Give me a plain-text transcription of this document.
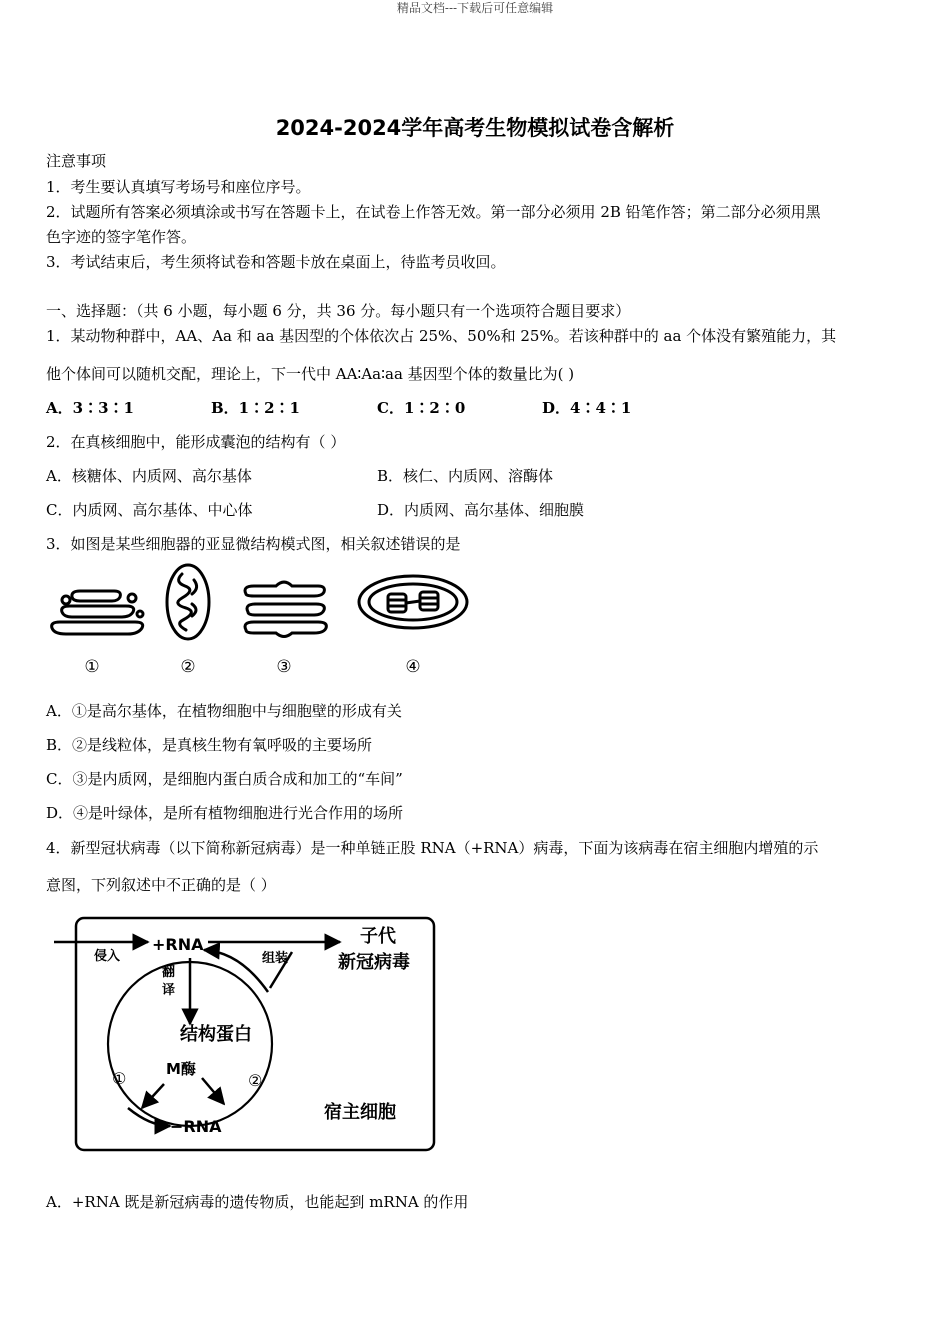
精品文档---下载后可任意编辑
2024-2024学年高考生物模拟试卷含解析
注意事项
1．考生要认真填写考场号和座位序号。
2．试题所有答案必须填涂或书写在答题卡上，在试卷上作答无效。第一部分必须用 2B 铅笔作答；第二部分必须用黑
色字迹的签字笔作答。
3．考试结束后，考生须将试卷和答题卡放在桌面上，待监考员收回。
一、选择题：（共 6 小题，每小题 6 分，共 36 分。每小题只有一个选项符合题目要求）
1．某动物种群中，AA、Aa 和 aa 基因型的个体依次占 25%、50%和 25%。若该种群中的 aa 个体没有繁殖能力，其
他个体间可以随机交配，理论上，下一代中 AA∶Aa∶aa 基因型个体的数量比为( )
A．3∶3∶1	B．1∶2∶1	C．1∶2∶0	D．4∶4∶1
2．在真核细胞中，能形成囊泡的结构有（ ）
A．核糖体、内质网、高尔基体	B．核仁、内质网、溶酶体
C．内质网、高尔基体、中心体	D．内质网、高尔基体、细胞膜
3．如图是某些细胞器的亚显微结构模式图，相关叙述错误的是
①	②	③	④
A．①是高尔基体，在植物细胞中与细胞壁的形成有关
B．②是线粒体，是真核生物有氧呼吸的主要场所
C．③是内质网，是细胞内蛋白质合成和加工的“车间”
D．④是叶绿体，是所有植物细胞进行光合作用的场所
4．新型冠状病毒（以下简称新冠病毒）是一种单链正股 RNA（+RNA）病毒，下面为该病毒在宿主细胞内增殖的示
意图，下列叙述中不正确的是（ ）
+RNA
侵入
子代
新冠病毒
组装
翻
译
结构蛋白
M酶
①	②
−RNA
宿主细胞
A．+RNA 既是新冠病毒的遗传物质，也能起到 mRNA 的作用
